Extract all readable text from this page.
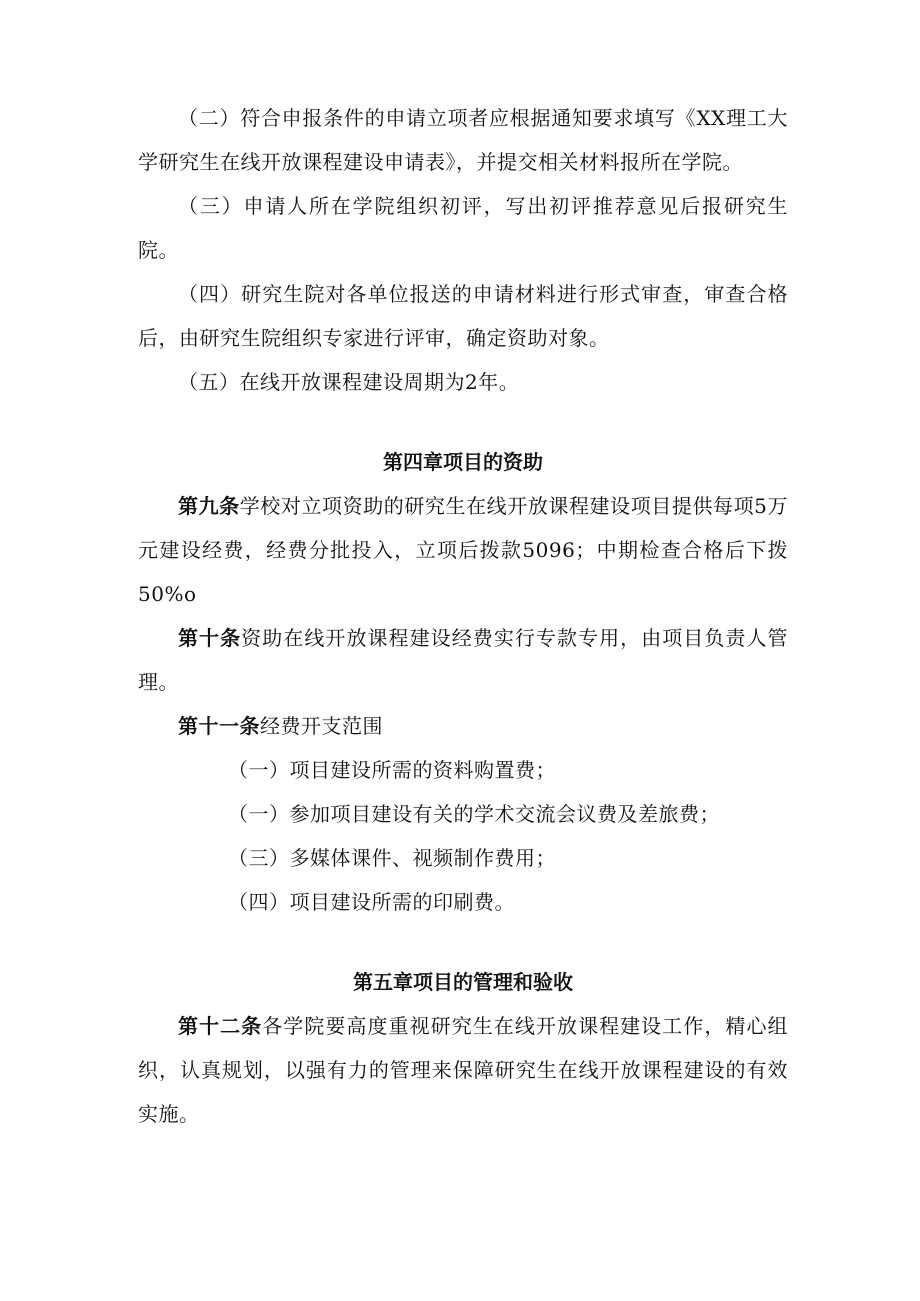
（二）符合申报条件的申请立项者应根据通知要求填写《XX理工大学研究生在线开放课程建设申请表》，并提交相关材料报所在学院。

（三）申请人所在学院组织初评，写出初评推荐意见后报研究生院。

（四）研究生院对各单位报送的申请材料进行形式审查，审查合格后，由研究生院组织专家进行评审，确定资助对象。

（五）在线开放课程建设周期为2年。

第四章项目的资助

第九条学校对立项资助的研究生在线开放课程建设项目提供每项5万元建设经费，经费分批投入，立项后拨款5096；中期检查合格后下拨50%o

第十条资助在线开放课程建设经费实行专款专用，由项目负责人管理。

第十一条经费开支范围

（一）项目建设所需的资料购置费；

（一）参加项目建设有关的学术交流会议费及差旅费；

（三）多媒体课件、视频制作费用；

（四）项目建设所需的印刷费。

第五章项目的管理和验收

第十二条各学院要高度重视研究生在线开放课程建设工作，精心组织，认真规划，以强有力的管理来保障研究生在线开放课程建设的有效实施。
